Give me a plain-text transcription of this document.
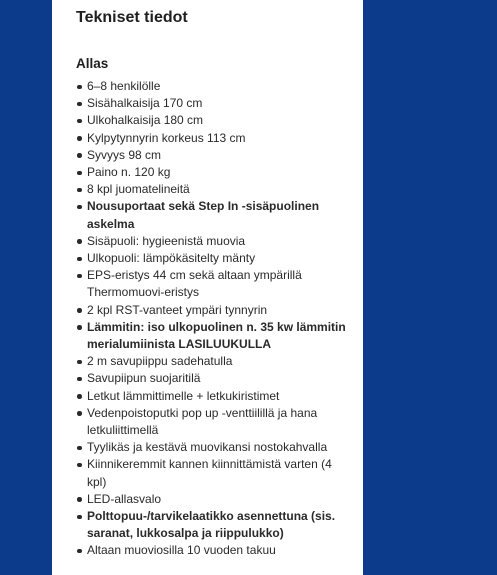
Tekniset tiedot
Allas
6–8 henkilölle
Sisähalkaisija 170 cm
Ulkohalkaisija 180 cm
Kylpytynnyrin korkeus 113 cm
Syvyys 98 cm
Paino n. 120 kg
8 kpl juomatelineitä
Nousuportaat sekä Step In -sisäpuolinen askelma
Sisäpuoli: hygieenistä muovia
Ulkopuoli: lämpökäsitelty mänty
EPS-eristys 44 cm sekä altaan ympärillä Thermomuovi-eristys
2 kpl RST-vanteet ympäri tynnyrin
Lämmitin: iso ulkopuolinen n. 35 kw lämmitin merialumiinista LASILUUKULLA
2 m savupiippu sadehatulla
Savupiipun suojaritilä
Letkut lämmittimelle + letkukiristimet
Vedenpoistoputki pop up -venttiilillä ja hana letkuliittimellä
Tyylikäs ja kestävä muovikansi nostokahvalla
Kiinnikeremmit kannen kiinnittämistä varten (4 kpl)
LED-allasvalo
Polttopuu-/tarvikelaatikko asennettuna (sis. saranat, lukkosalpa ja riippulukko)
Altaan muoviosilla 10 vuoden takuu
